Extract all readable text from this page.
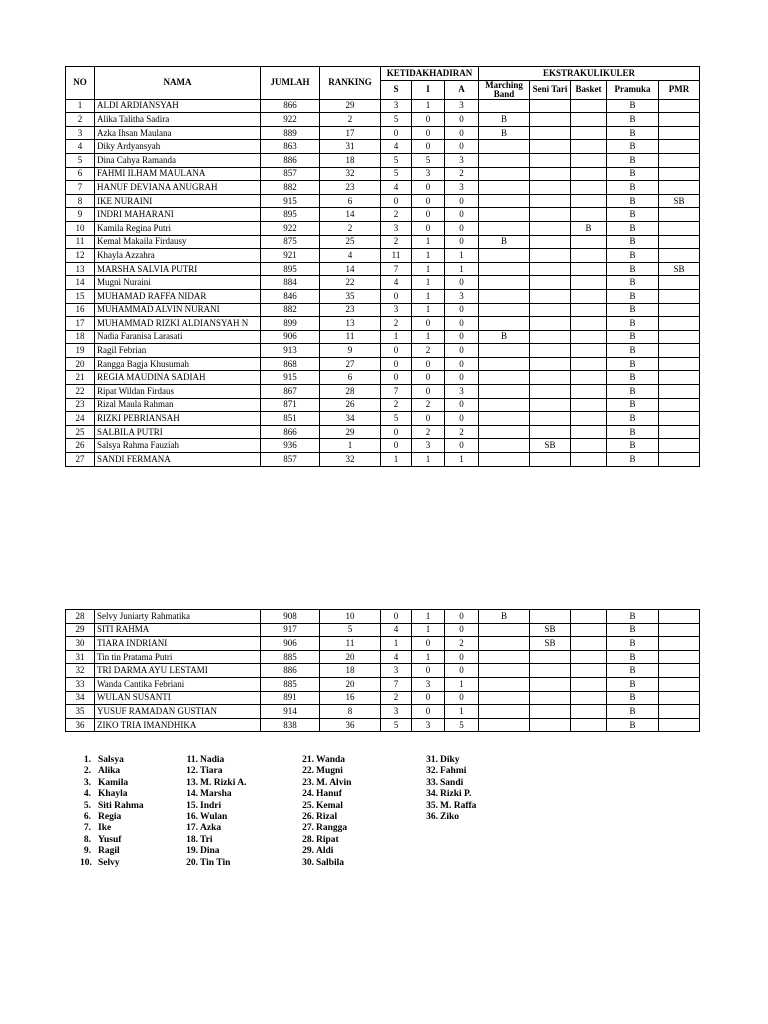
NO	NAMA	JUMLAH	RANKING	KETIDAKHADIRAN			EKSTRAKULIKULER				
				S	I	A	Marching Band	Seni Tari	Basket	Pramuka	PMR
1	ALDI ARDIANSYAH	866	29	3	1	3				B	
2	Alika Talitha Sadira	922	2	5	0	0	B			B	
3	Azka Ihsan Maulana	889	17	0	0	0	B			B	
4	Diky Ardyansyah	863	31	4	0	0				B	
5	Dina Cahya Ramanda	886	18	5	5	3				B	
6	FAHMI ILHAM MAULANA	857	32	5	3	2				B	
7	HANUF DEVIANA ANUGRAH	882	23	4	0	3				B	
8	IKE NURAINI	915	6	0	0	0				B	SB
9	INDRI MAHARANI	895	14	2	0	0				B	
10	Kamila Regina Putri	922	2	3	0	0			B	B	
11	Kemal Makaila Firdausy	875	25	2	1	0	B			B	
12	Khayla Azzahra	921	4	11	1	1				B	
13	MARSHA SALVIA PUTRI	895	14	7	1	1				B	SB
14	Mugni Nuraini	884	22	4	1	0				B	
15	MUHAMAD RAFFA NIDAR	846	35	0	1	3				B	
16	MUHAMMAD ALVIN NURANI	882	23	3	1	0				B	
17	MUHAMMAD RIZKI ALDIANSYAH N	899	13	2	0	0				B	
18	Nadia Faranisa Larasati	906	11	1	1	0	B			B	
19	Ragil Febrian	913	9	0	2	0				B	
20	Rangga Bagja Khusumah	868	27	0	0	0				B	
21	REGIA MAUDINA SADIAH	915	6	0	0	0				B	
22	Ripat Wildan Firdaus	867	28	7	0	3				B	
23	Rizal Maula Rahman	871	26	2	2	0				B	
24	RIZKI PEBRIANSAH	851	34	5	0	0				B	
25	SALBILA PUTRI	866	29	0	2	2				B	
26	Salsya Rahma Fauziah	936	1	0	3	0		SB		B	
27	SANDI FERMANA	857	32	1	1	1				B	
28	Selvy Juniarty Rahmatika	908	10	0	1	0	B			B	
29	SITI RAHMA	917	5	4	1	0		SB		B	
30	TIARA INDRIANI	906	11	1	0	2		SB		B	
31	Tin tin Pratama Putri	885	20	4	1	0				B	
32	TRI DARMA AYU LESTAMI	886	18	3	0	0				B	
33	Wanda Cantika Febriani	885	20	7	3	1				B	
34	WULAN SUSANTI	891	16	2	0	0				B	
35	YUSUF RAMADAN GUSTIAN	914	8	3	0	1				B	
36	ZIKO TRIA IMANDHIKA	838	36	5	3	5				B	
1. Salsya
2. Alika
3. Kamila
4. Khayla
5. Siti Rahma
6. Regia
7. Ike
8. Yusuf
9. Ragil
10. Selvy
11. Nadia
12. Tiara
13. M. Rizki A.
14. Marsha
15. Indri
16. Wulan
17. Azka
18. Tri
19. Dina
20. Tin Tin
21. Wanda
22. Mugni
23. M. Alvin
24. Hanuf
25. Kemal
26. Rizal
27. Rangga
28. Ripat
29. Aldi
30. Salbila
31. Diky
32. Fahmi
33. Sandi
34. Rizki P.
35. M. Raffa
36. Ziko
